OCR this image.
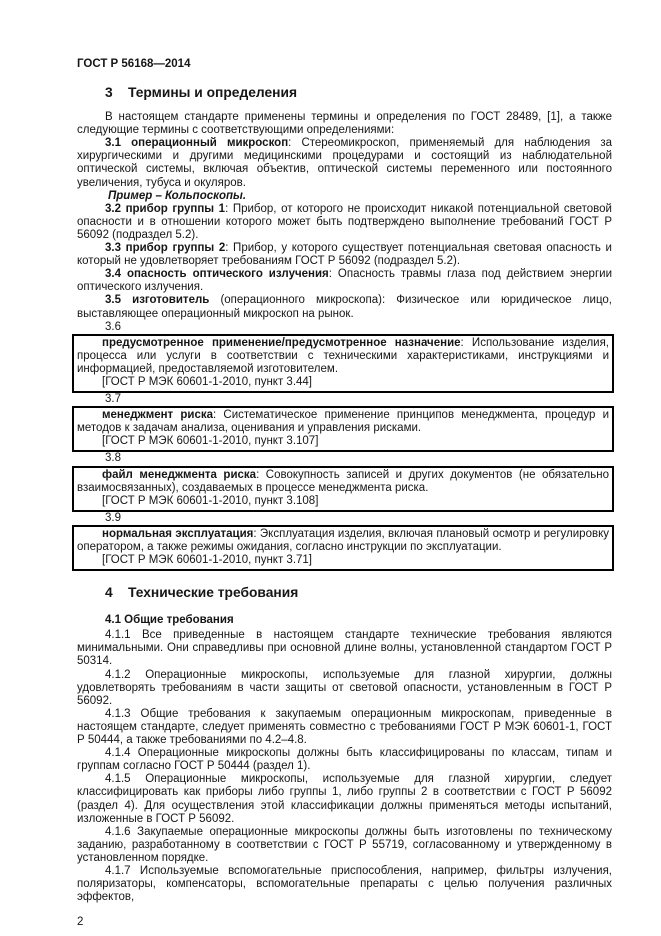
ГОСТ Р 56168—2014

3 Термины и определения

В настоящем стандарте применены термины и определения по ГОСТ 28489, [1], а также следующие термины с соответствующими определениями:

3.1 операционный микроскоп: Стереомикроскоп, применяемый для наблюдения за хирургическими и другими медицинскими процедурами и состоящий из наблюдательной оптической системы, включая объектив, оптической системы переменного или постоянного увеличения, тубуса и окуляров.

Пример – Кольпоскопы.

3.2 прибор группы 1: Прибор, от которого не происходит никакой потенциальной световой опасности и в отношении которого может быть подтверждено выполнение требований ГОСТ Р 56092 (подраздел 5.2).

3.3 прибор группы 2: Прибор, у которого существует потенциальная световая опасность и который не удовлетворяет требованиям ГОСТ Р 56092 (подраздел 5.2).

3.4 опасность оптического излучения: Опасность травмы глаза под действием энергии оптического излучения.

3.5 изготовитель (операционного микроскопа): Физическое или юридическое лицо, выставляющее операционный микроскоп на рынок.

3.6

предусмотренное применение/предусмотренное назначение: Использование изделия, процесса или услуги в соответствии с техническими характеристиками, инструкциями и информацией, предоставляемой изготовителем.

[ГОСТ Р МЭК 60601-1-2010, пункт 3.44]

3.7

менеджмент риска: Систематическое применение принципов менеджмента, процедур и методов к задачам анализа, оценивания и управления рисками.

[ГОСТ Р МЭК 60601-1-2010, пункт 3.107]

3.8

файл менеджмента риска: Совокупность записей и других документов (не обязательно взаимосвязанных), создаваемых в процессе менеджмента риска.

[ГОСТ Р МЭК 60601-1-2010, пункт 3.108]

3.9

нормальная эксплуатация: Эксплуатация изделия, включая плановый осмотр и регулировку оператором, а также режимы ожидания, согласно инструкции по эксплуатации.

[ГОСТ Р МЭК 60601-1-2010, пункт 3.71]

4 Технические требования
4.1 Общие требования

4.1.1 Все приведенные в настоящем стандарте технические требования являются минимальными. Они справедливы при основной длине волны, установленной стандартом ГОСТ Р 50314.

4.1.2 Операционные микроскопы, используемые для глазной хирургии, должны удовлетворять требованиям в части защиты от световой опасности, установленным в ГОСТ Р 56092.

4.1.3 Общие требования к закупаемым операционным микроскопам, приведенные в настоящем стандарте, следует применять совместно с требованиями ГОСТ Р МЭК 60601-1, ГОСТ Р 50444, а также требованиями по 4.2–4.8.

4.1.4 Операционные микроскопы должны быть классифицированы по классам, типам и группам согласно ГОСТ Р 50444 (раздел 1).

4.1.5 Операционные микроскопы, используемые для глазной хирургии, следует классифицировать как приборы либо группы 1, либо группы 2 в соответствии с ГОСТ Р 56092 (раздел 4). Для осуществления этой классификации должны применяться методы испытаний, изложенные в ГОСТ Р 56092.

4.1.6 Закупаемые операционные микроскопы должны быть изготовлены по техническому заданию, разработанному в соответствии с ГОСТ Р 55719, согласованному и утвержденному в установленном порядке.

4.1.7 Используемые вспомогательные приспособления, например, фильтры излучения, поляризаторы, компенсаторы, вспомогательные препараты с целью получения различных эффектов,

2
